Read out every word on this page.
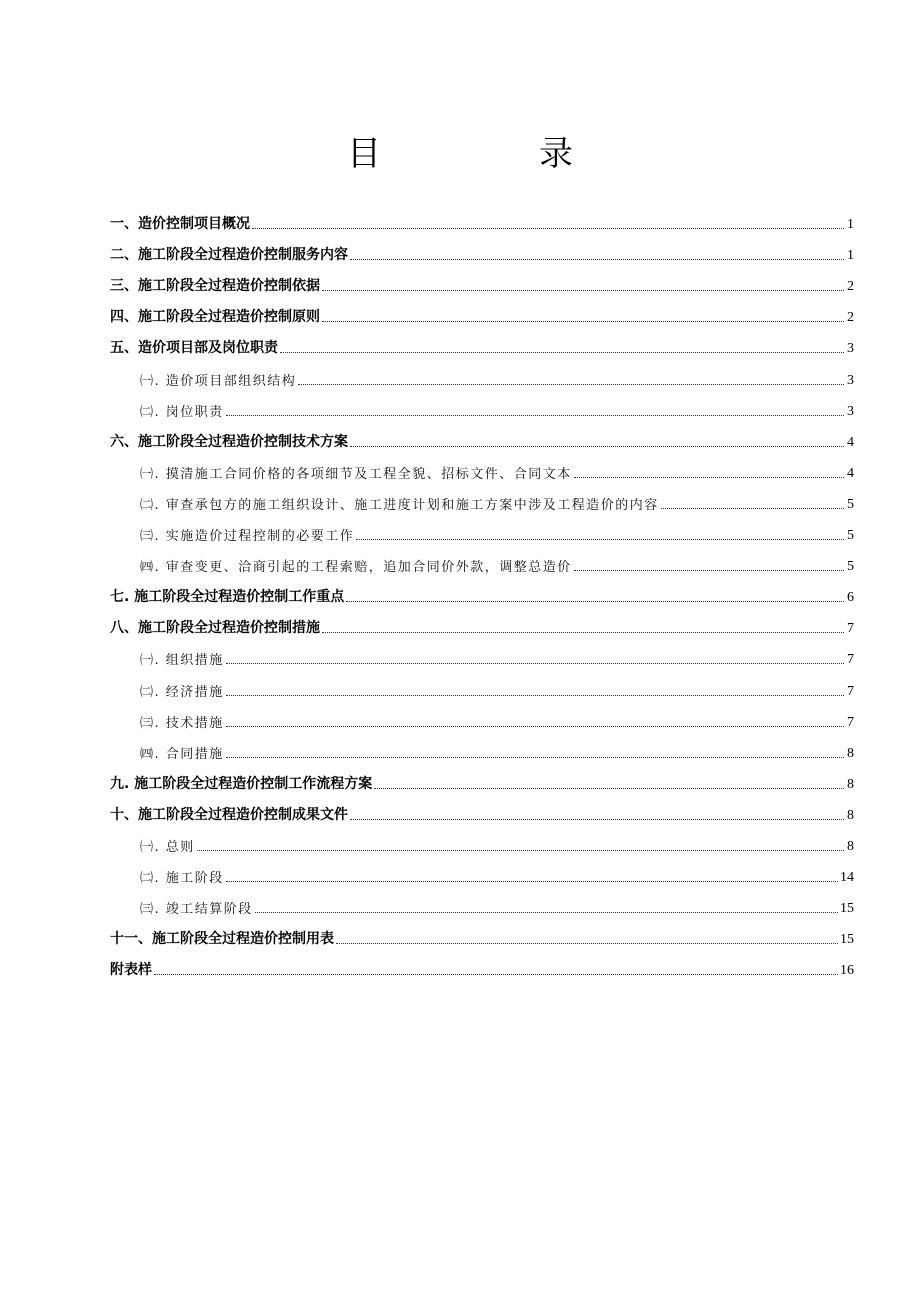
目　录
一、造价控制项目概况	1
二、施工阶段全过程造价控制服务内容	1
三、施工阶段全过程造价控制依据	2
四、施工阶段全过程造价控制原则	2
五、造价项目部及岗位职责	3
㈠. 造价项目部组织结构	3
㈡. 岗位职责	3
六、施工阶段全过程造价控制技术方案	4
㈠. 摸清施工合同价格的各项细节及工程全貌、招标文件、合同文本	4
㈡. 审查承包方的施工组织设计、施工进度计划和施工方案中涉及工程造价的内容	5
㈢. 实施造价过程控制的必要工作	5
㈣. 审查变更、洽商引起的工程索赔，追加合同价外款，调整总造价	5
七. 施工阶段全过程造价控制工作重点	6
八、施工阶段全过程造价控制措施	7
㈠. 组织措施	7
㈡. 经济措施	7
㈢. 技术措施	7
㈣. 合同措施	8
九. 施工阶段全过程造价控制工作流程方案	8
十、施工阶段全过程造价控制成果文件	8
㈠. 总则	8
㈡. 施工阶段	14
㈢. 竣工结算阶段	15
十一、施工阶段全过程造价控制用表	15
附表样	16
